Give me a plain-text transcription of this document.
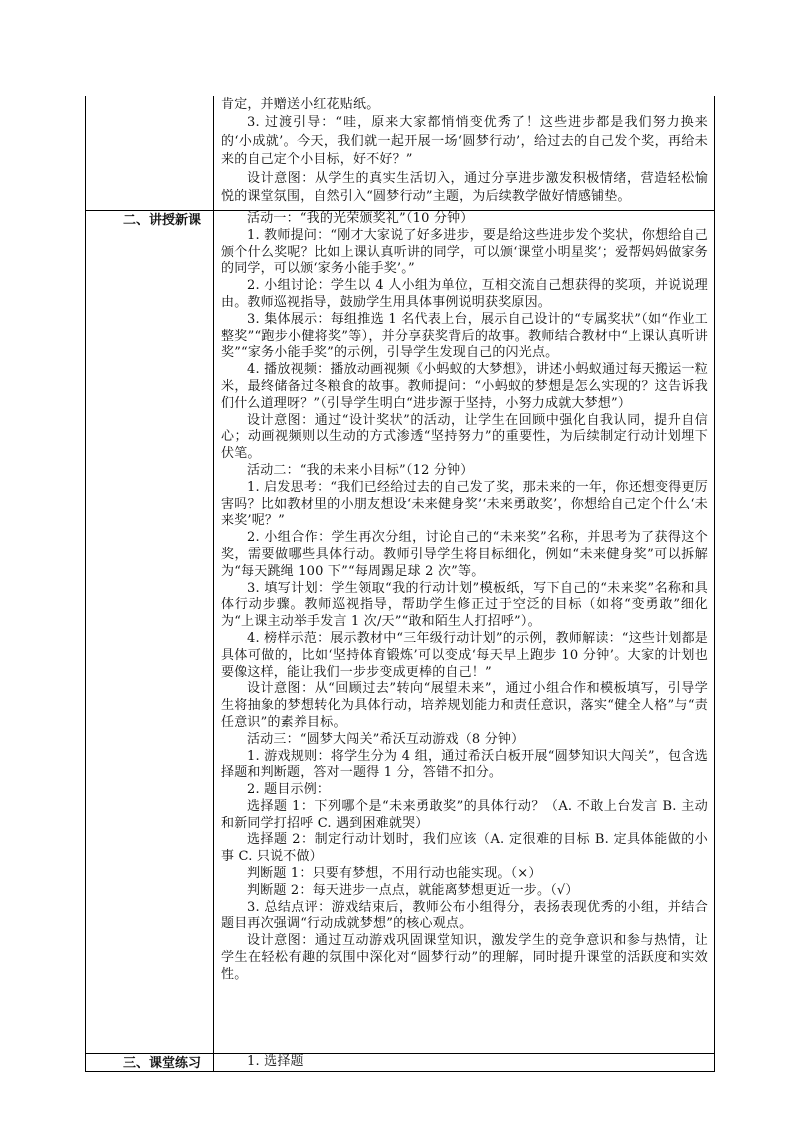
肯定，并赠送小红花贴纸。

3. 过渡引导：“哇，原来大家都悄悄变优秀了！这些进步都是我们努力换来的‘小成就’。今天，我们就一起开展一场‘圆梦行动’，给过去的自己发个奖，再给未来的自己定个小目标，好不好？”

设计意图：从学生的真实生活切入，通过分享进步激发积极情绪，营造轻松愉悦的课堂氛围，自然引入“圆梦行动”主题，为后续教学做好情感铺垫。

二、讲授新课	活动一：“我的光荣颁奖礼”（10 分钟）

1. 教师提问：“刚才大家说了好多进步，要是给这些进步发个奖状，你想给自己颁个什么奖呢？比如上课认真听讲的同学，可以颁‘课堂小明星奖’；爱帮妈妈做家务的同学，可以颁‘家务小能手奖’。”

2. 小组讨论：学生以 4 人小组为单位，互相交流自己想获得的奖项，并说说理由。教师巡视指导，鼓励学生用具体事例说明获奖原因。

3. 集体展示：每组推选 1 名代表上台，展示自己设计的“专属奖状”（如“作业工整奖”“跑步小健将奖”等），并分享获奖背后的故事。教师结合教材中“上课认真听讲奖”“家务小能手奖”的示例，引导学生发现自己的闪光点。

4. 播放视频：播放动画视频《小蚂蚁的大梦想》，讲述小蚂蚁通过每天搬运一粒米，最终储备过冬粮食的故事。教师提问：“小蚂蚁的梦想是怎么实现的？这告诉我们什么道理呀？”（引导学生明白“进步源于坚持，小努力成就大梦想”）

设计意图：通过“设计奖状”的活动，让学生在回顾中强化自我认同，提升自信心；动画视频则以生动的方式渗透“坚持努力”的重要性，为后续制定行动计划埋下伏笔。

活动二：“我的未来小目标”（12 分钟）

1. 启发思考：“我们已经给过去的自己发了奖，那未来的一年，你还想变得更厉害吗？比如教材里的小朋友想设‘未来健身奖’‘未来勇敢奖’，你想给自己定个什么‘未来奖’呢？”

2. 小组合作：学生再次分组，讨论自己的“未来奖”名称，并思考为了获得这个奖，需要做哪些具体行动。教师引导学生将目标细化，例如“未来健身奖”可以拆解为“每天跳绳 100 下”“每周踢足球 2 次”等。

3. 填写计划：学生领取“我的行动计划”模板纸，写下自己的“未来奖”名称和具体行动步骤。教师巡视指导，帮助学生修正过于空泛的目标（如将“变勇敢”细化为“上课主动举手发言 1 次/天”“敢和陌生人打招呼”）。

4. 榜样示范：展示教材中“三年级行动计划”的示例，教师解读：“这些计划都是具体可做的，比如‘坚持体育锻炼’可以变成‘每天早上跑步 10 分钟’。大家的计划也要像这样，能让我们一步步变成更棒的自己！”

设计意图：从“回顾过去”转向“展望未来”，通过小组合作和模板填写，引导学生将抽象的梦想转化为具体行动，培养规划能力和责任意识，落实“健全人格”与“责任意识”的素养目标。

活动三：“圆梦大闯关”希沃互动游戏（8 分钟）

1. 游戏规则：将学生分为 4 组，通过希沃白板开展“圆梦知识大闯关”，包含选择题和判断题，答对一题得 1 分，答错不扣分。

2. 题目示例：

选择题 1：下列哪个是“未来勇敢奖”的具体行动？（A. 不敢上台发言 B. 主动和新同学打招呼 C. 遇到困难就哭）

选择题 2：制定行动计划时，我们应该（A. 定很难的目标 B. 定具体能做的小事 C. 只说不做）

判断题 1：只要有梦想，不用行动也能实现。（×）

判断题 2：每天进步一点点，就能离梦想更近一步。（√）

3. 总结点评：游戏结束后，教师公布小组得分，表扬表现优秀的小组，并结合题目再次强调“行动成就梦想”的核心观点。

设计意图：通过互动游戏巩固课堂知识，激发学生的竞争意识和参与热情，让学生在轻松有趣的氛围中深化对“圆梦行动”的理解，同时提升课堂的活跃度和实效性。

三、课堂练习	1. 选择题
